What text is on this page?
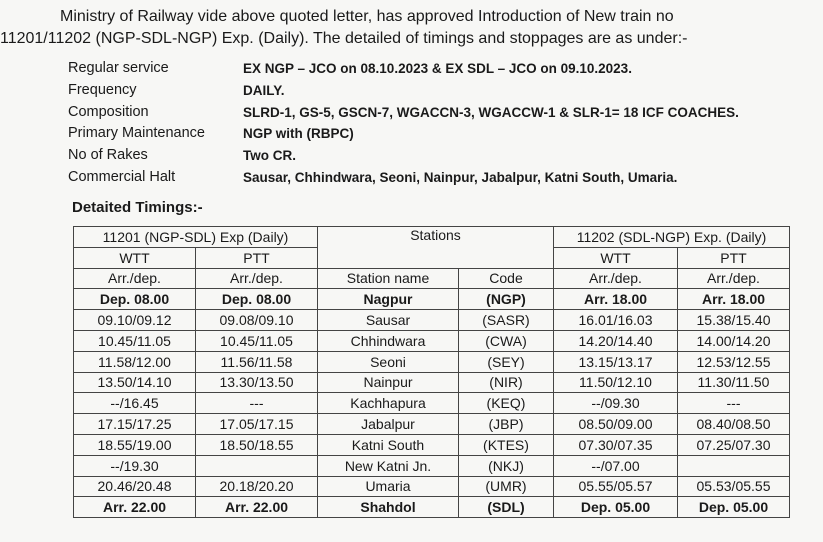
Ministry of Railway vide above quoted letter, has approved Introduction of New train no
11201/11202 (NGP-SDL-NGP) Exp. (Daily). The detailed of timings and stoppages are as under:-
Regular service	EX NGP – JCO on 08.10.2023 & EX SDL – JCO on 09.10.2023.
Frequency	DAILY.
Composition	SLRD-1, GS-5, GSCN-7, WGACCN-3, WGACCW-1 & SLR-1= 18 ICF COACHES.
Primary Maintenance	NGP with (RBPC)
No of Rakes	Two CR.
Commercial Halt	Sausar, Chhindwara, Seoni, Nainpur, Jabalpur, Katni South, Umaria.
Detaited Timings:-
11201 (NGP-SDL) Exp (Daily)		Stations		11202 (SDL-NGP) Exp. (Daily)	
WTT	PTT			WTT	PTT
Arr./dep.	Arr./dep.	Station name	Code	Arr./dep.	Arr./dep.
Dep. 08.00	Dep. 08.00	Nagpur	(NGP)	Arr. 18.00	Arr. 18.00
09.10/09.12	09.08/09.10	Sausar	(SASR)	16.01/16.03	15.38/15.40
10.45/11.05	10.45/11.05	Chhindwara	(CWA)	14.20/14.40	14.00/14.20
11.58/12.00	11.56/11.58	Seoni	(SEY)	13.15/13.17	12.53/12.55
13.50/14.10	13.30/13.50	Nainpur	(NIR)	11.50/12.10	11.30/11.50
--/16.45	---	Kachhapura	(KEQ)	--/09.30	---
17.15/17.25	17.05/17.15	Jabalpur	(JBP)	08.50/09.00	08.40/08.50
18.55/19.00	18.50/18.55	Katni South	(KTES)	07.30/07.35	07.25/07.30
--/19.30		New Katni Jn.	(NKJ)	--/07.00	
20.46/20.48	20.18/20.20	Umaria	(UMR)	05.55/05.57	05.53/05.55
Arr. 22.00	Arr. 22.00	Shahdol	(SDL)	Dep. 05.00	Dep. 05.00
